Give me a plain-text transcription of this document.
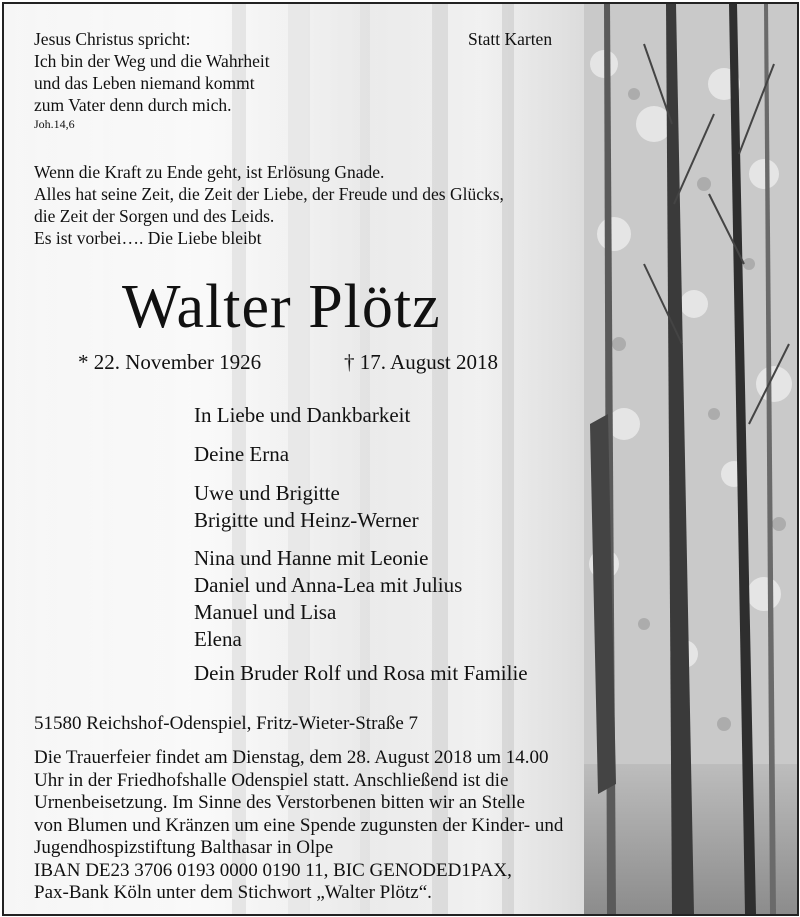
Jesus Christus spricht:
Ich bin der Weg und die Wahrheit
und das Leben niemand kommt
zum Vater denn durch mich.
Joh.14,6
Statt Karten
Wenn die Kraft zu Ende geht, ist Erlösung Gnade.
Alles hat seine Zeit, die Zeit der Liebe, der Freude und des Glücks,
die Zeit der Sorgen und des Leids.
Es ist vorbei…. Die Liebe bleibt
Walter Plötz
* 22. November 1926	† 17. August 2018
In Liebe und Dankbarkeit
Deine Erna
Uwe und Brigitte
Brigitte und Heinz-Werner
Nina und Hanne mit Leonie
Daniel und Anna-Lea mit Julius
Manuel und Lisa
Elena
Dein Bruder Rolf und Rosa mit Familie
51580 Reichshof-Odenspiel, Fritz-Wieter-Straße 7
Die Trauerfeier findet am Dienstag, dem 28. August 2018 um 14.00
Uhr in der Friedhofshalle Odenspiel statt. Anschließend ist die
Urnenbeisetzung. Im Sinne des Verstorbenen bitten wir an Stelle
von Blumen und Kränzen um eine Spende zugunsten der Kinder- und
Jugendhospizstiftung Balthasar in Olpe
IBAN DE23 3706 0193 0000 0190 11, BIC GENODED1PAX,
Pax-Bank Köln unter dem Stichwort „Walter Plötz“.
